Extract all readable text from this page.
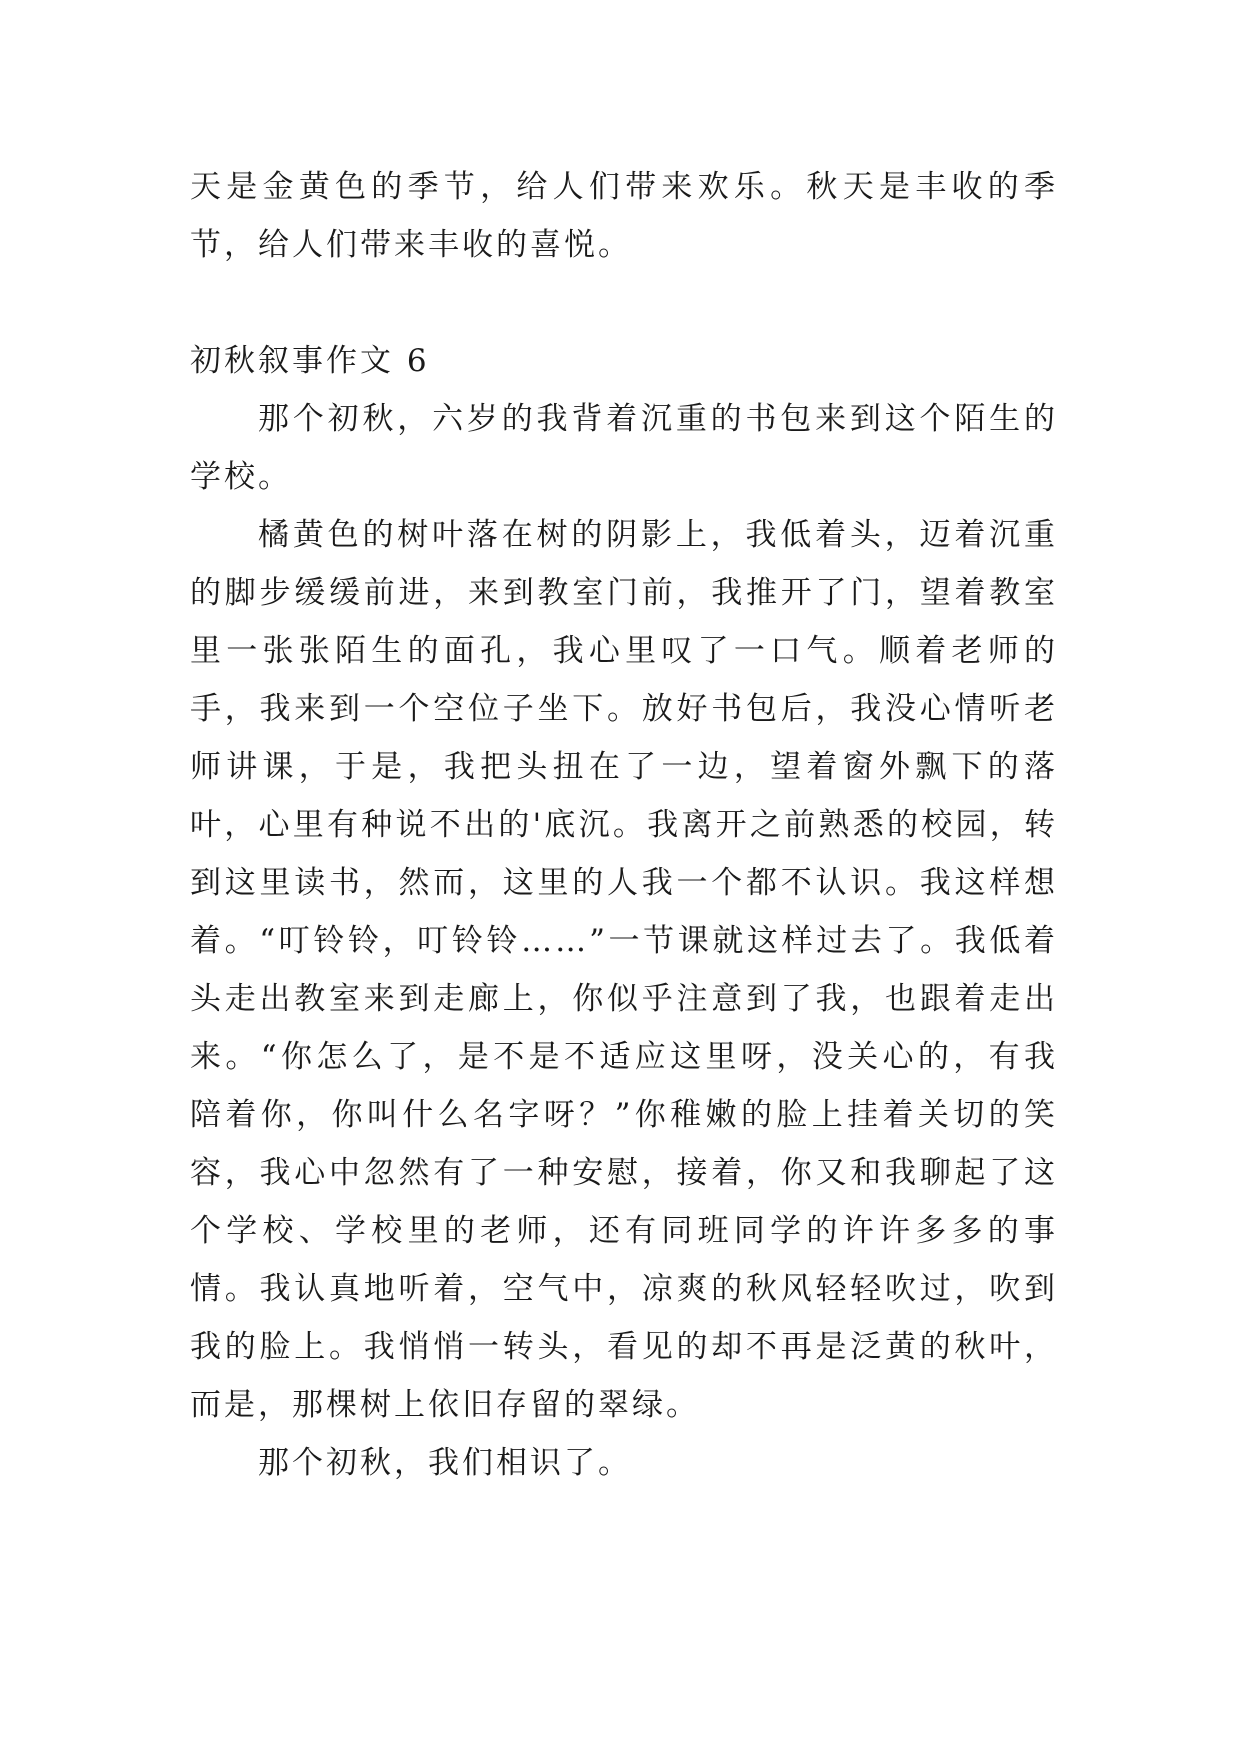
天是金黄色的季节，给人们带来欢乐。秋天是丰收的季节，给人们带来丰收的喜悦。

初秋叙事作文 6

那个初秋，六岁的我背着沉重的书包来到这个陌生的学校。

橘黄色的树叶落在树的阴影上，我低着头，迈着沉重的脚步缓缓前进，来到教室门前，我推开了门，望着教室里一张张陌生的面孔，我心里叹了一口气。顺着老师的手，我来到一个空位子坐下。放好书包后，我没心情听老师讲课，于是，我把头扭在了一边，望着窗外飘下的落叶，心里有种说不出的'底沉。我离开之前熟悉的校园，转到这里读书，然而，这里的人我一个都不认识。我这样想着。“叮铃铃，叮铃铃……”一节课就这样过去了。我低着头走出教室来到走廊上，你似乎注意到了我，也跟着走出来。“你怎么了，是不是不适应这里呀，没关心的，有我陪着你，你叫什么名字呀？”你稚嫩的脸上挂着关切的笑容，我心中忽然有了一种安慰，接着，你又和我聊起了这个学校、学校里的老师，还有同班同学的许许多多的事情。我认真地听着，空气中，凉爽的秋风轻轻吹过，吹到我的脸上。我悄悄一转头，看见的却不再是泛黄的秋叶，而是，那棵树上依旧存留的翠绿。

那个初秋，我们相识了。
